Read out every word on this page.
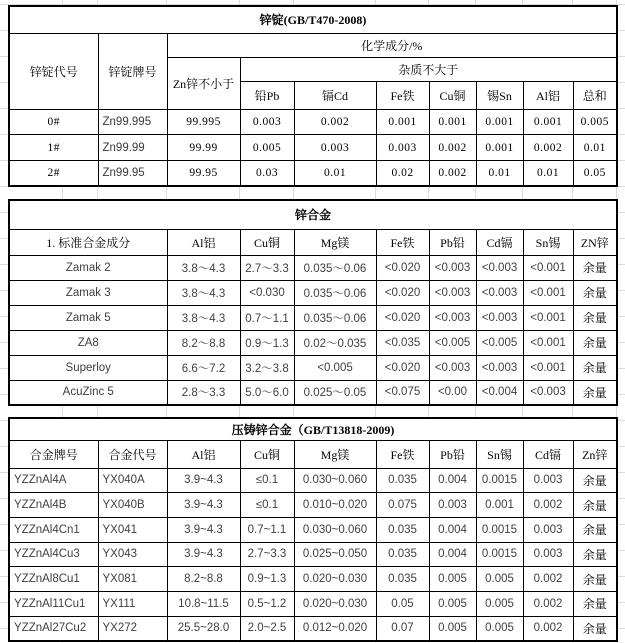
锌锭(GB/T470-2008)									
锌锭代号	锌锭牌号	化学成分/%							
		Zn锌不小于	杂质不大于						
			铅Pb	镉Cd	Fe铁	Cu铜	锡Sn	Al铝	总和
0#	Zn99.995	99.995	0.003	0.002	0.001	0.001	0.001	0.001	0.005
1#	Zn99.99	99.99	0.005	0.003	0.003	0.002	0.001	0.002	0.01
2#	Zn99.95	99.95	0.03	0.01	0.02	0.002	0.01	0.01	0.05
锌合金								
1. 标准合金成分	Al铝	Cu铜	Mg镁	Fe铁	Pb铅	Cd镉	Sn锡	ZN锌
Zamak 2	3.8～4.3	2.7～3.3	0.035～0.06	<0.020	<0.003	<0.003	<0.001	余量
Zamak 3	3.8～4.3	<0.030	0.035～0.06	<0.020	<0.003	<0.003	<0.001	余量
Zamak 5	3.8～4.3	0.7～1.1	0.035～0.06	<0.020	<0.003	<0.003	<0.001	余量
ZA8	8.2～8.8	0.9～1.3	0.02～0.035	<0.035	<0.005	<0.005	<0.001	余量
Superloy	6.6～7.2	3.2～3.8	<0.005	<0.020	<0.003	<0.003	<0.001	余量
AcuZinc 5	2.8～3.3	5.0～6.0	0.025～0.05	<0.075	<0.00	<0.004	<0.003	余量
压铸锌合金（GB/T13818-2009)									
合金牌号	合金代号	Al铝	Cu铜	Mg镁	Fe铁	Pb铅	Sn锡	Cd镉	Zn锌
YZZnAl4A	YX040A	3.9~4.3	≤0.1	0.030~0.060	0.035	0.004	0.0015	0.003	余量
YZZnAl4B	YX040B	3.9~4.3	≤0.1	0.010~0.020	0.075	0.003	0.001	0.002	余量
YZZnAl4Cn1	YX041	3.9~4.3	0.7~1.1	0.030~0.060	0.035	0.004	0.0015	0.003	余量
YZZnAl4Cu3	YX043	3.9~4.3	2.7~3.3	0.025~0.050	0.035	0.004	0.0015	0.003	余量
YZZnAl8Cu1	YX081	8.2~8.8	0.9~1.3	0.020~0.030	0.035	0.005	0.005	0.002	余量
YZZnAl11Cu1	YX111	10.8~11.5	0.5~1.2	0.020~0.030	0.05	0.005	0.005	0.002	余量
YZZnAl27Cu2	YX272	25.5~28.0	2.0~2.5	0.012~0.020	0.07	0.005	0.005	0.002	余量
